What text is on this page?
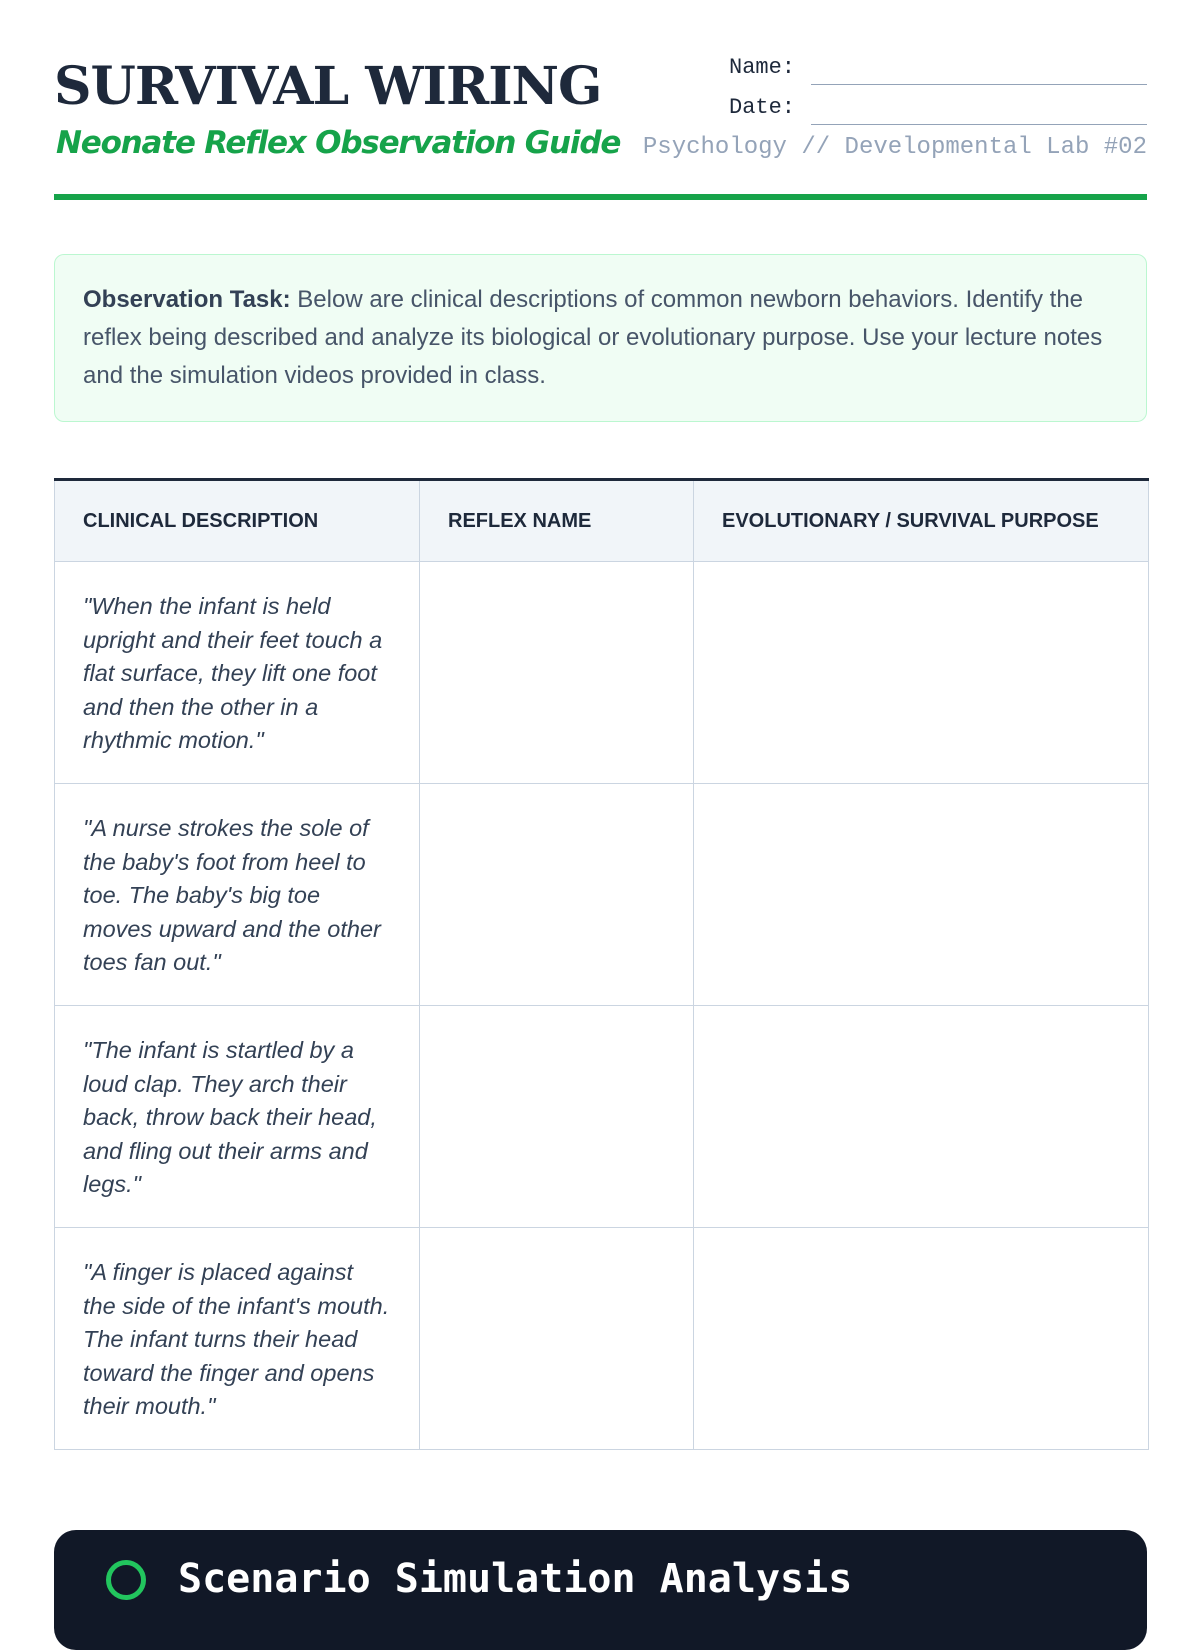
SURVIVAL WIRING
Neonate Reflex Observation Guide
Name:
Date:
Psychology // Developmental Lab #02
Observation Task: Below are clinical descriptions of common newborn behaviors. Identify the reflex being described and analyze its biological or evolutionary purpose. Use your lecture notes and the simulation videos provided in class.
CLINICAL DESCRIPTION	REFLEX NAME	EVOLUTIONARY / SURVIVAL PURPOSE
"When the infant is held upright and their feet touch a flat surface, they lift one foot and then the other in a rhythmic motion."		
"A nurse strokes the sole of the baby's foot from heel to toe. The baby's big toe moves upward and the other toes fan out."		
"The infant is startled by a loud clap. They arch their back, throw back their head, and fling out their arms and legs."		
"A finger is placed against the side of the infant's mouth. The infant turns their head toward the finger and opens their mouth."		
Scenario Simulation Analysis
